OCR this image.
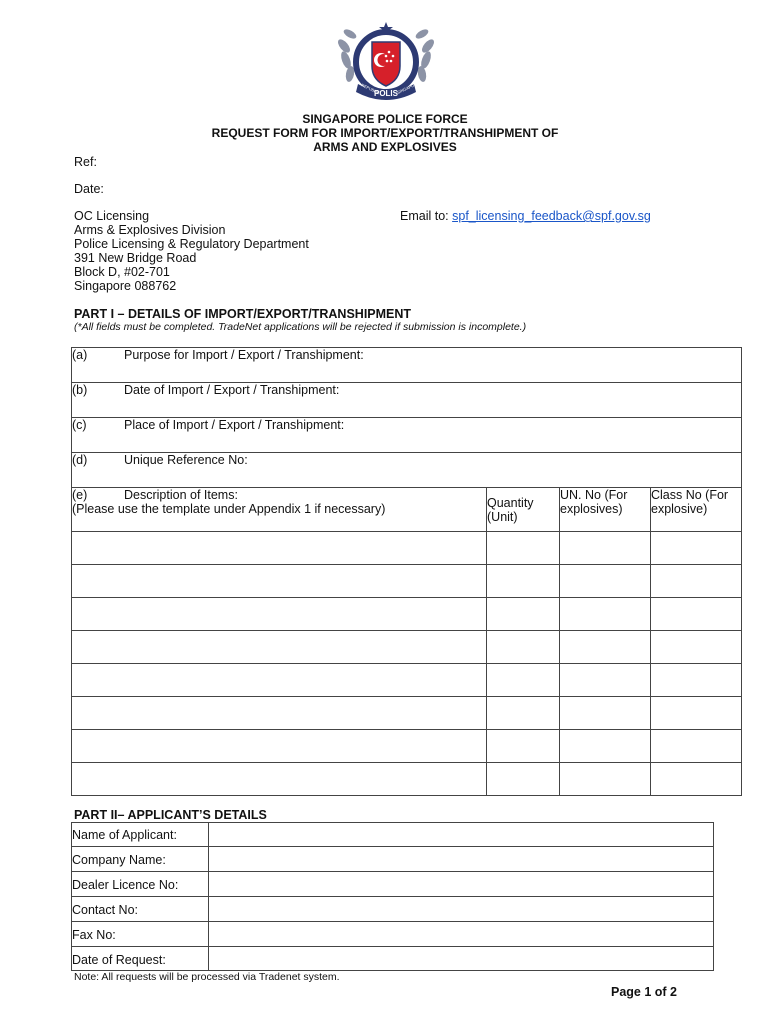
POLIS
REPUBLIK	SINGAPURA
SINGAPORE POLICE FORCE
REQUEST FORM FOR IMPORT/EXPORT/TRANSHIPMENT OF
ARMS AND EXPLOSIVES
Ref:
Date:
OC Licensing
Arms & Explosives Division
Police Licensing & Regulatory Department
391 New Bridge Road
Block D, #02-701
Singapore 088762
Email to: spf_licensing_feedback@spf.gov.sg
PART I – DETAILS OF IMPORT/EXPORT/TRANSHIPMENT
(*All fields must be completed. TradeNet applications will be rejected if submission is incomplete.)
(a) Purpose for Import / Export / Transhipment:			
(b) Date of Import / Export / Transhipment:			
(c) Place of Import / Export / Transhipment:			
(d) Unique Reference No:			

(e) Description of Items:
(Please use the template under Appendix 1 if necessary)	Quantity (Unit)	UN. No (For explosives)	Class No (For explosive)

PART II– APPLICANT’S DETAILS
Name of Applicant:	
Company Name:	
Dealer Licence No:	
Contact No:	
Fax No:	
Date of Request:	
Note: All requests will be processed via Tradenet system.
Page 1 of 2
